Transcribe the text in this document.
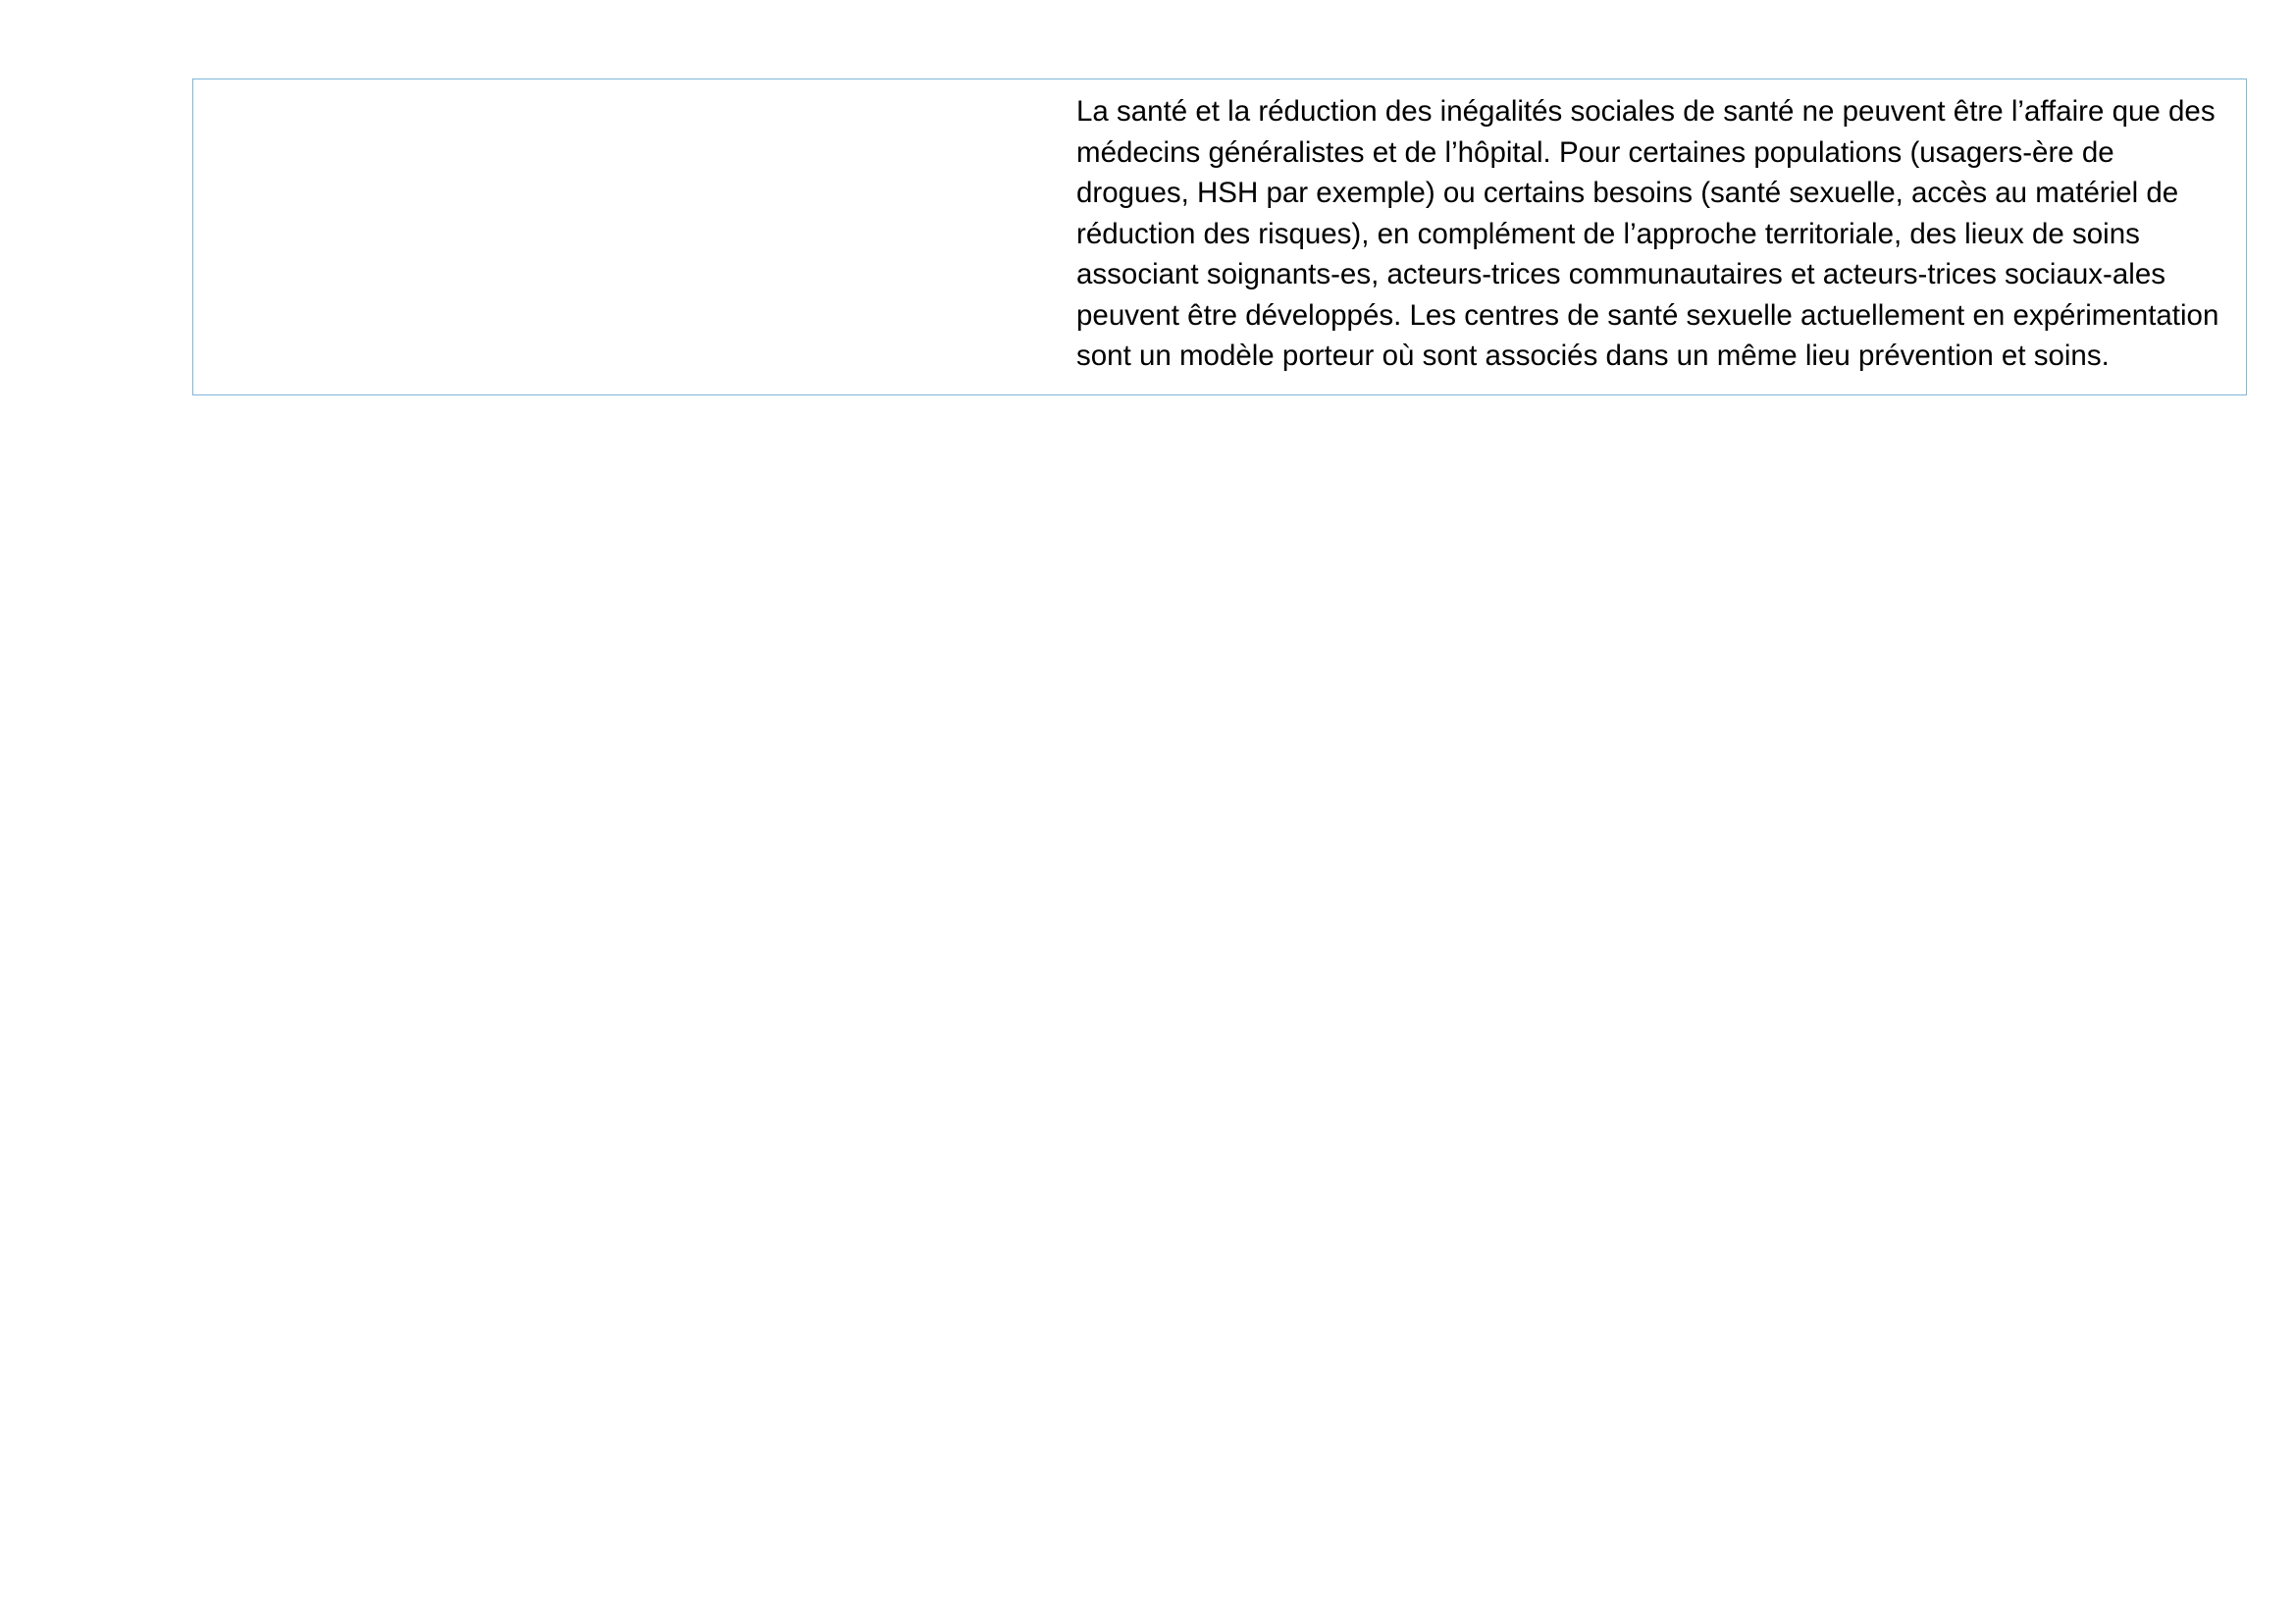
La santé et la réduction des inégalités sociales de santé ne peuvent être l’affaire que des médecins généralistes et de l’hôpital. Pour certaines populations (usagers-ère de drogues, HSH par exemple) ou certains besoins (santé sexuelle, accès au matériel de réduction des risques), en complément de l’approche territoriale, des lieux de soins associant soignants-es, acteurs-trices communautaires et acteurs-trices sociaux-ales peuvent être développés. Les centres de santé sexuelle actuellement en expérimentation sont un modèle porteur où sont associés dans un même lieu prévention et soins.
